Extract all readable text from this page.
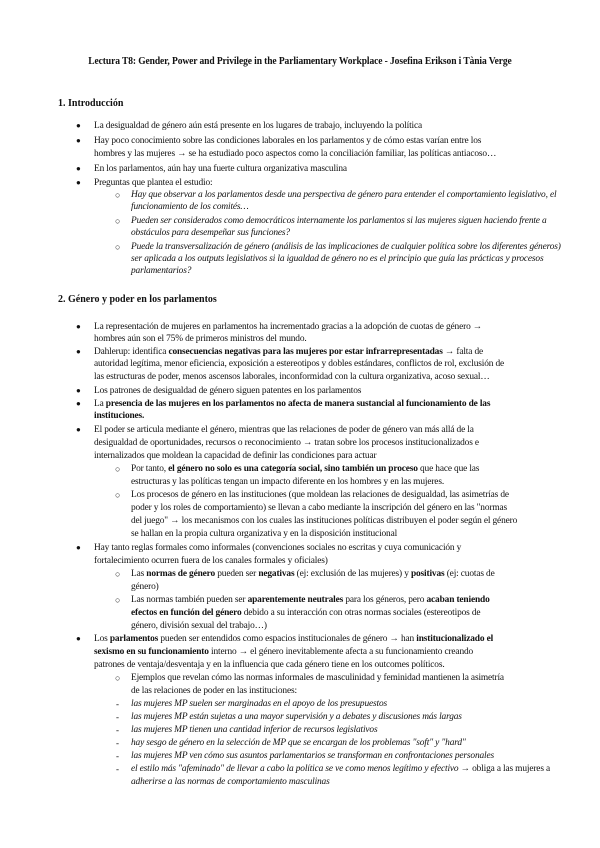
Lectura T8: Gender, Power and Privilege in the Parliamentary Workplace - Josefina Erikson i Tània Verge
1. Introducción
● La desigualdad de género aún está presente en los lugares de trabajo, incluyendo la política
● Hay poco conocimiento sobre las condiciones laborales en los parlamentos y de cómo estas varían entre los
hombres y las mujeres → se ha estudiado poco aspectos como la conciliación familiar, las políticas antiacoso…
● En los parlamentos, aún hay una fuerte cultura organizativa masculina
● Preguntas que plantea el estudio:
○ Hay que observar a los parlamentos desde una perspectiva de género para entender el comportamiento legislativo, el
funcionamiento de los comités…
○ Pueden ser considerados como democráticos internamente los parlamentos si las mujeres siguen haciendo frente a
obstáculos para desempeñar sus funciones?
○ Puede la transversalización de género (análisis de las implicaciones de cualquier política sobre los diferentes géneros)
ser aplicada a los outputs legislativos si la igualdad de género no es el principio que guía las prácticas y procesos
parlamentarios?
2. Género y poder en los parlamentos
● La representación de mujeres en parlamentos ha incrementado gracias a la adopción de cuotas de género →
hombres aún son el 75% de primeros ministros del mundo.
● Dahlerup: identifica consecuencias negativas para las mujeres por estar infrarrepresentadas → falta de
autoridad legítima, menor eficiencia, exposición a estereotipos y dobles estándares, conflictos de rol, exclusión de
las estructuras de poder, menos ascensos laborales, inconformidad con la cultura organizativa, acoso sexual…
● Los patrones de desigualdad de género siguen patentes en los parlamentos
● La presencia de las mujeres en los parlamentos no afecta de manera sustancial al funcionamiento de las
instituciones.
● El poder se articula mediante el género, mientras que las relaciones de poder de género van más allá de la
desigualdad de oportunidades, recursos o reconocimiento → tratan sobre los procesos institucionalizados e
internalizados que moldean la capacidad de definir las condiciones para actuar
○ Por tanto, el género no solo es una categoría social, sino también un proceso que hace que las
estructuras y las políticas tengan un impacto diferente en los hombres y en las mujeres.
○ Los procesos de género en las instituciones (que moldean las relaciones de desigualdad, las asimetrías de
poder y los roles de comportamiento) se llevan a cabo mediante la inscripción del género en las "normas
del juego" → los mecanismos con los cuales las instituciones políticas distribuyen el poder según el género
se hallan en la propia cultura organizativa y en la disposición institucional
● Hay tanto reglas formales como informales (convenciones sociales no escritas y cuya comunicación y
fortalecimiento ocurren fuera de los canales formales y oficiales)
○ Las normas de género pueden ser negativas (ej: exclusión de las mujeres) y positivas (ej: cuotas de
género)
○ Las normas también pueden ser aparentemente neutrales para los géneros, pero acaban teniendo
efectos en función del género debido a su interacción con otras normas sociales (estereotipos de
género, división sexual del trabajo…)
● Los parlamentos pueden ser entendidos como espacios institucionales de género → han institucionalizado el
sexismo en su funcionamiento interno → el género inevitablemente afecta a su funcionamiento creando
patrones de ventaja/desventaja y en la influencia que cada género tiene en los outcomes políticos.
○ Ejemplos que revelan cómo las normas informales de masculinidad y feminidad mantienen la asimetría
de las relaciones de poder en las instituciones:
- las mujeres MP suelen ser marginadas en el apoyo de los presupuestos
- las mujeres MP están sujetas a una mayor supervisión y a debates y discusiones más largas
- las mujeres MP tienen una cantidad inferior de recursos legislativos
- hay sesgo de género en la selección de MP que se encargan de los problemas "soft" y "hard"
- las mujeres MP ven cómo sus asuntos parlamentarios se transforman en confrontaciones personales
- el estilo más "afeminado" de llevar a cabo la política se ve como menos legítimo y efectivo → obliga a las mujeres a
adherirse a las normas de comportamiento masculinas
